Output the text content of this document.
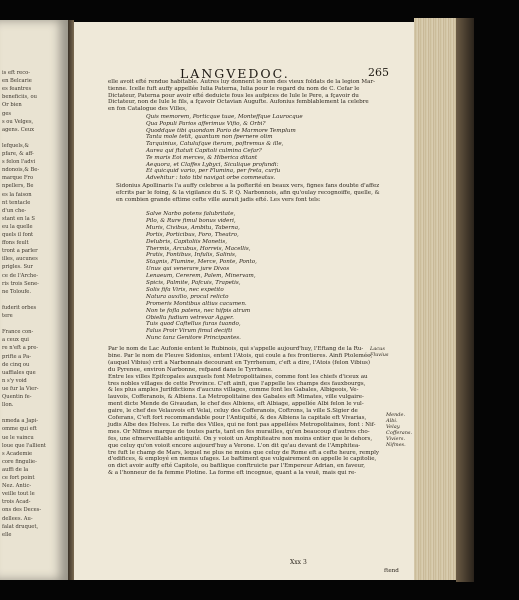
is eft reco-
en Belcarie
es feantres
beneficiis, ou
Or bien
ges
s ou Velges,
agens. Ceux
lefquels,&
pfare, & aff-
s felon l'advi
ndonois,& Be-
marque Fro
npellers, Be
es la faison
nt tentacle
d'un che-
stant en la S
eu la quelle
quels il font
ffons feult
tront a parler
illes, aucunes
prigles. Sur
ce de l'Arche-
ris trois Sene-
ne Toloufe.
fuderit orbes
tere
France con-
a ceux qui
re n'eft a pre-
prifte a Pa-
de cinq ou
uaffiales que
n s'y void
ue fur la Vier-
Quentin fe-
llon.
nmeda a Japi-
omme qui eft
ue le vaincu
loue que l'allient
s Academie
core fingulie-
auffi de la
ce fort point
Nez. Antic-
veille tout le
trois Acad-
ons des Deces-
dellees. Au-
falat druquet,
elle
LANGVEDOC.	265
elle avoit efté rendue habitable. Autres luy donnent le nom des vieux foldats de la legion Mar-
tienne. Icelle fuft auffy appellée Iulia Paterna, Iulia pour le regard du nom de C. Cefar le
Dictateur, Paterna pour avoir efté deduicte fous les aufpices de Iule le Pere, a fçavoir du
Dictateur, non de Iule le fils, a fçavoir Octavian Augufte. Aufonius femblablement la celebre
en fon Catalogue des Villes,
Quis memorem, Porticque tuae, Monteffque Laurocque
Qua Populi Parios afferimus Vifio, & Orbi?
Quoddque tibi quondam Pario de Marmore Templum
Tanta mole tetit, quantum non fpernere olim
Tarquinius, Catulufque iterum, poftremus & ille,
Aurea qui ftatuit Capitoli culmina Cefar?
Te maris Eoi merces, & Hiberica ditant
Aequora, et Claffes Lybyci, Siculique profundi:
Et quicquid vario, per Flumina, per freta, curfu
Advehitur : toto tibi navigat orbe commeatus.
Sidonius Apollinaris l'a auffy celebree a la pofterité en beaux vers, fignes fans doubte d'affez
efcrits par le foing, & la vigilance du S. P. Q. Narbonnois, afin qu'oulay recognoiffe, quelle, &
en combien grande eftime cefte ville aurait jadis efté. Les vers font tels:
Salve Narbo potens falubritate,
Pilo, & Rure fimul bonus videri,
Muris, Civibus, Ambitu, Taberna,
Portis, Porticibus, Foro, Theatro,
Delubris, Capitoliis Monetis,
Thermis, Arcubus, Horreis, Macellis,
Pratis, Fontibus, Infulis, Salinis,
Stagnis, Flumine, Merce, Ponte, Ponto,
Unus qui venerare jure Divos
Lenaeum, Cererem, Palem, Minervam,
Spicis, Palmite, Pafcuis, Trapetis,
Solis fifa Viris, nec expetito
Natura auxilio, procul relicto
Promeris Montibus altius cacumen.
Non te fofla patens, nec hifpis atrum
Obiellu fudium vetrevar Agger.
Tuis quod Caftellus furas tuando,
Falus Proir Virum fimul decifti
Nunc tanz Genitore Principantes.
Par le nom de Lac Aufonie entent le Rubinois, qui s'appelle aujourd'huy, l'Eftang de la Ru-
bine. Par le nom de Fleuve Sidonius, entent l'Atois, qui coule a fes frontieres. Ainfi Ptolemée,
(auquel Vibius) crit a Narbonnais decourant en Tyrrhenum, c'eft a dire, l'Atois (felon Vibius)
du Pyrenee, environ Narbonne, refpand dans le Tyrrhene.
Entre les villes Epifcopales auxquels font Metropolitaines, comme font les chiefs d'iceux au
tres nobles villages de cette Province. C'eft ainfi, que l'appelle les champs des fauxbourgs,
& les plus amples Jurifdictions d'aucuns villages, comme font les Gabales, Albigeois, Ve-
lauvois, Cofferanois, & Albiens. La Metropolitaine des Gabales eft Mimates, ville vulgaire-
ment dicte Mende de Givaudan, le chef des Albiens, eft Albiage, appellée Albi felon le vul-
gaire, le chef des Velauvois eft Velai, celuy des Cofferanois, Coftrons, la ville S.Sigier de
Coferans, C'eft fort recommandable pour l'Antiquité, & des Albiens la capitale eft Vivarias,
judis Albe des Helves. Le refte des Villes, qui ne font pas appellées Metropolitaines, font : Nif-
mes. Or Nifmes marque de toutes parts, tant en fes murailles, qu'en beaucoup d'autres cho-
fes, une efmerveillable antiquité. On y voioit un Amphiteatre non moins entier que le dehors,
que celuy qu'on voioit encore aujourd'huy a Verone. L'on dit qu'au devant de l'Amphitea-
tre fuft le champ de Mars, lequel ne plus ne moins que celuy de Rome eft a cefte heure, remply
d'edifices, & employé en menus ufages. Le baftiment que vulgairement on appelle le capitolie,
on dict avoir auffy efté Capitole, ou bafilique conftruicte par l'Empereur Adrian, en faveur,
& a l'honneur de fa femme Plotine. La forme eft incognue, quant a la veuë, mais qui re-
Lacus
Fluvius
Mende.
Albi.
Velay.
Cofferans.
Viviers.
Nifmes.
Xxx 3
ftend
